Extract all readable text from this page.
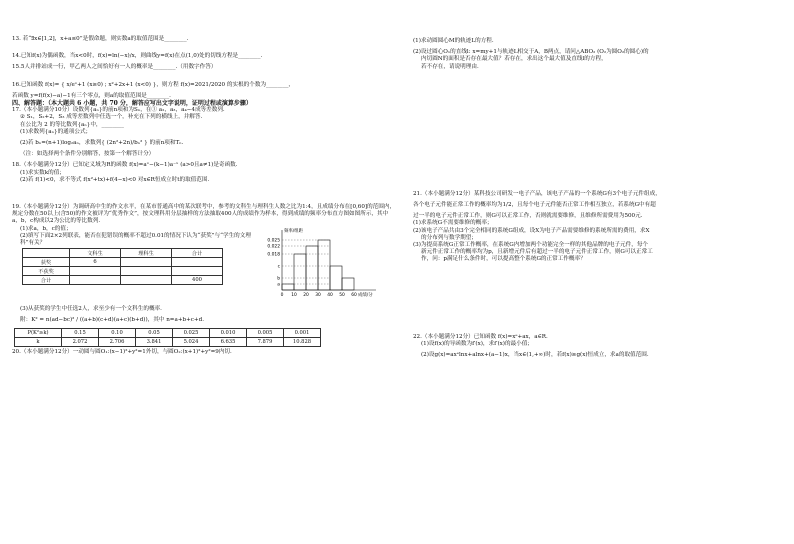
13. 若“∃x∈[1,2]，x+a≤0”是假命题，则实数a的取值范围是________.

14.已知f(x)为偶函数，当x<0时，f(x)=ln(−x)/x，则曲线y=f(x)在点(1,0)处的切线方程是________.

15.5人并排站成一行，甲乙两人之间恰好有一人的概率是________.（用数字作答）

16.已知函数 f(x)= { x/eˣ+1 (x≥0) ; x²+2x+1 (x<0) }，则方程 f(x)=2021/2020 的实根的个数为________，

若函数 y=f(f(x)−a)−1有三个零点，则a的取值范围是________.

四、解答题：（本大题共 6 小题，共 70 分，解答应写出文字说明，证明过程或演算步骤）

17.（本小题满分10分）设数列{aₙ}的前n项和为Sₙ，在① a₂，a₃，a₄−4成等差数列.

② S₁，S₂+2，S₃ 成等差数列中任选一个，补充在下列的横线上，并解答.

在公比为 2 的等比数列{aₙ}中，________

(1)求数列{aₙ}的通项公式；

(2)若 bₙ=(n+1)log₂aₙ，求数列{ (2n²+2n)/bₙ² } 的前n项和Tₙ.

（注：如选择两个条件分别解答，按第一个解答计分）

18.（本小题满分12分）已知定义域为R的函数 f(x)=aˣ−(k−1)a⁻ˣ (a>0且a≠1)是奇函数.

(1)求实数k的值；

(2)若 f(1)<0，求不等式 f(x²+tx)+f(4−x)<0 对x∈R恒成立时t的取值范围.

19.（本小题满分12分）为调研高中生的作文水平，在某市普通高中的某次联考中，参考的文科生与理科生人数之比为1:4，且成绩分布在[0,60]的范围内，规定分数在50以上(含50)的作文被评为“优秀作文”，按文理科用分层抽样的方法抽取400人的成绩作为样本，得到成绩的频率分布直方图如图所示，其中a，b，c构成以2为公比的等比数列.

(1)求a，b，c的值；

(2)填写下面2×2列联表，能否在犯错误的概率不超过0.01的情况下认为“获奖”与“学生的文理科”有关？

	文科生	理科生	合计
获奖	6		
不获奖			
合计			400
0.025
0.022
0.018
c
b
a
0 10 20 30 40 50 60
频率/组距
成绩/分

(3)从获奖的学生中任选2人，求至少有一个文科生的概率.

附：K² = n(ad−bc)² / ((a+b)(c+d)(a+c)(b+d))，其中 n=a+b+c+d.

P(K²≥k)	0.15	0.10	0.05	0.025	0.010	0.005	0.001
k	2.072	2.706	3.841	5.024	6.635	7.879	10.828

20.（本小题满分12分）一动圆与圆O₁:(x−1)²+y²=1外切，与圆O₂:(x+1)²+y²=9内切.

(1)求动圆圆心M的轨迹L的方程.

(2)设过圆心O₁的直线l: x=my+1与轨迹L相交于A，B两点，请问△ABO₂ (O₂为圆O₂的圆心)的

内切圆N的面积是否存在最大值？若存在，求出这个最大值及直线l的方程，

若不存在，请说明理由.

21.（本小题满分12分）某科技公司研发一电子产品，该电子产品的一个系统G有3个电子元件组成，

各个电子元件能正常工作的概率均为1/2，且每个电子元件能否正常工作相互独立，若系统G中有超

过一半的电子元件正常工作，则G可以正常工作，否则就需要维修，且维修所需费用为500元.

(1)求系统G不需要维修的概率；

(2)该电子产品共由3个完全相同的系统G组成，设X为电子产品需要维修的系统所需的费用，求X

的分布列与数学期望；

(3)为提高系统G正常工作概率，在系统G内增加两个功能完全一样的其他品牌的电子元件，每个

新元件正常工作的概率均为p，且新增元件后有超过一半的电子元件正常工作，则G可以正常工

作，问：p满足什么条件时，可以提高整个系统G的正常工作概率？

22.（本小题满分12分）已知函数 f(x)=xᵉ+ax，a∈R.

(1)设f(x)的导函数为f′(x)，求f′(x)的最小值；

(2)设g(x)=axᵉlnx+alnx+(a−1)x，当x∈(1,+∞)时，若f(x)≥g(x)恒成立，求a的取值范围.
